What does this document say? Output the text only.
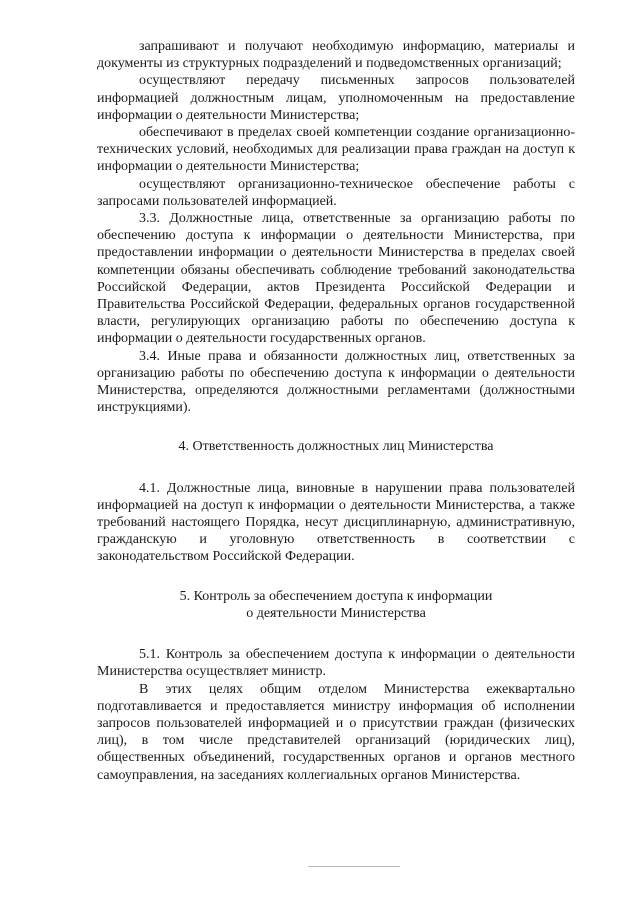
запрашивают и получают необходимую информацию, материалы и документы из структурных подразделений и подведомственных организаций;

осуществляют передачу письменных запросов пользователей информацией должностным лицам, уполномоченным на предоставление информации о деятельности Министерства;

обеспечивают в пределах своей компетенции создание организационно-технических условий, необходимых для реализации права граждан на доступ к информации о деятельности Министерства;

осуществляют организационно-техническое обеспечение работы с запросами пользователей информацией.

3.3. Должностные лица, ответственные за организацию работы по обеспечению доступа к информации о деятельности Министерства, при предоставлении информации о деятельности Министерства в пределах своей компетенции обязаны обеспечивать соблюдение требований законодательства Российской Федерации, актов Президента Российской Федерации и Правительства Российской Федерации, федеральных органов государственной власти, регулирующих организацию работы по обеспечению доступа к информации о деятельности государственных органов.

3.4. Иные права и обязанности должностных лиц, ответственных за организацию работы по обеспечению доступа к информации о деятельности Министерства, определяются должностными регламентами (должностными инструкциями).

4. Ответственность должностных лиц Министерства

4.1. Должностные лица, виновные в нарушении права пользователей информацией на доступ к информации о деятельности Министерства, а также требований настоящего Порядка, несут дисциплинарную, административную, гражданскую и уголовную ответственность в соответствии с законодательством Российской Федерации.

5. Контроль за обеспечением доступа к информации
о деятельности Министерства

5.1. Контроль за обеспечением доступа к информации о деятельности Министерства осуществляет министр.

В этих целях общим отделом Министерства ежеквартально подготавливается и предоставляется министру информация об исполнении запросов пользователей информацией и о присутствии граждан (физических лиц), в том числе представителей организаций (юридических лиц), общественных объединений, государственных органов и органов местного самоуправления, на заседаниях коллегиальных органов Министерства.
